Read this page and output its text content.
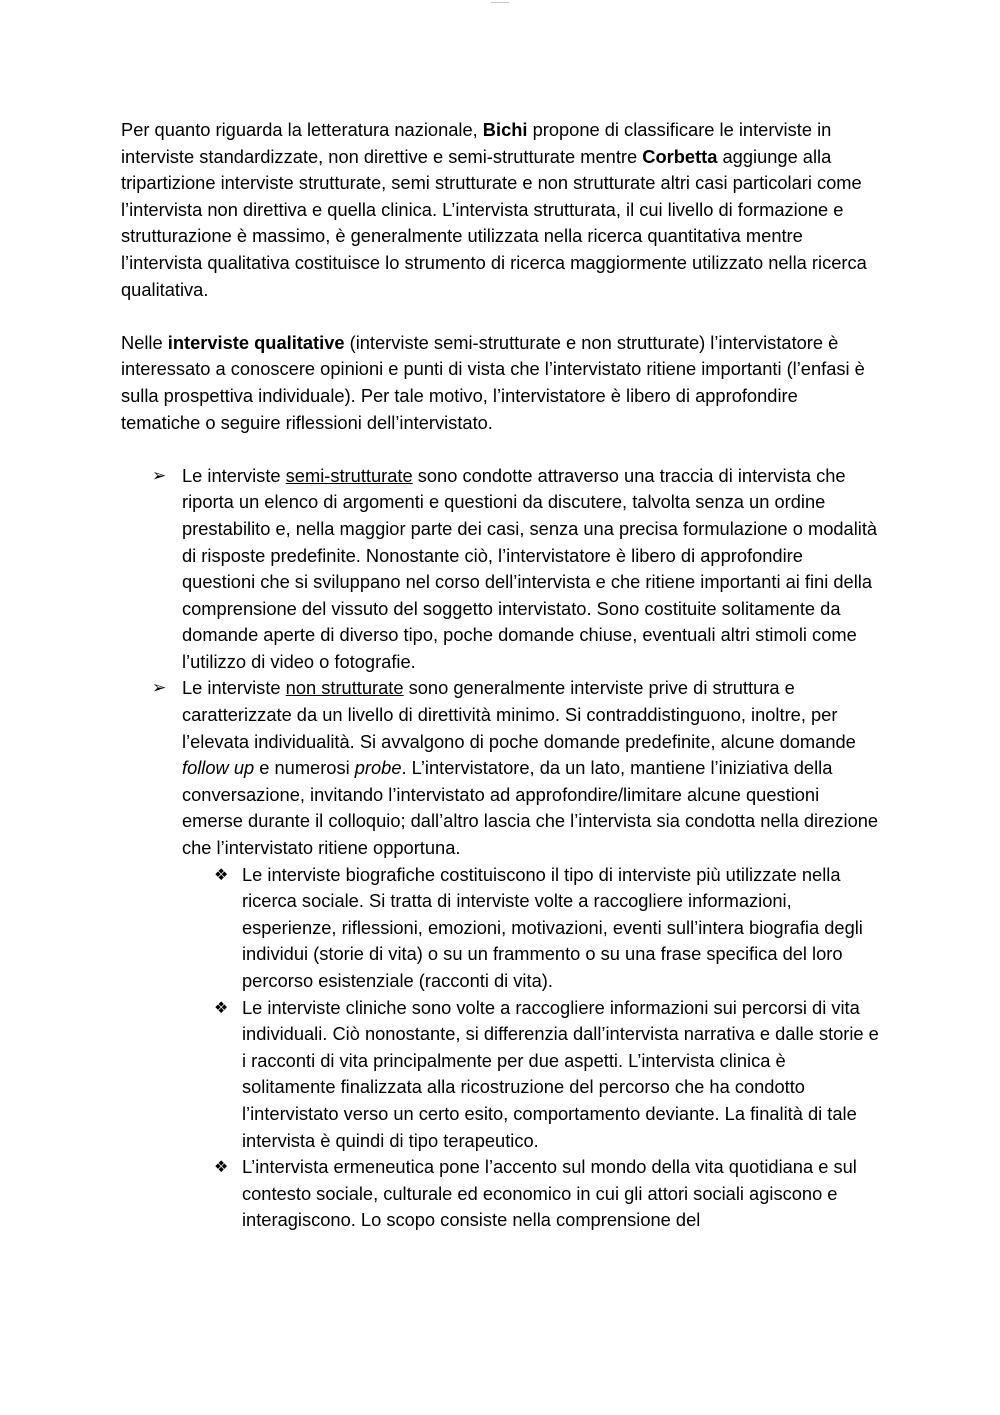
Per quanto riguarda la letteratura nazionale, Bichi propone di classificare le interviste in interviste standardizzate, non direttive e semi-strutturate mentre Corbetta aggiunge alla tripartizione interviste strutturate, semi strutturate e non strutturate altri casi particolari come l’intervista non direttiva e quella clinica. L’intervista strutturata, il cui livello di formazione e strutturazione è massimo, è generalmente utilizzata nella ricerca quantitativa mentre l’intervista qualitativa costituisce lo strumento di ricerca maggiormente utilizzato nella ricerca qualitativa.

Nelle interviste qualitative (interviste semi-strutturate e non strutturate) l’intervistatore è interessato a conoscere opinioni e punti di vista che l’intervistato ritiene importanti (l’enfasi è sulla prospettiva individuale). Per tale motivo, l’intervistatore è libero di approfondire tematiche o seguire riflessioni dell’intervistato.

➢ Le interviste semi-strutturate sono condotte attraverso una traccia di intervista che riporta un elenco di argomenti e questioni da discutere, talvolta senza un ordine prestabilito e, nella maggior parte dei casi, senza una precisa formulazione o modalità di risposte predefinite. Nonostante ciò, l’intervistatore è libero di approfondire questioni che si sviluppano nel corso dell’intervista e che ritiene importanti ai fini della comprensione del vissuto del soggetto intervistato. Sono costituite solitamente da domande aperte di diverso tipo, poche domande chiuse, eventuali altri stimoli come l’utilizzo di video o fotografie.
➢ Le interviste non strutturate sono generalmente interviste prive di struttura e caratterizzate da un livello di direttività minimo. Si contraddistinguono, inoltre, per l’elevata individualità. Si avvalgono di poche domande predefinite, alcune domande follow up e numerosi probe. L’intervistatore, da un lato, mantiene l’iniziativa della conversazione, invitando l’intervistato ad approfondire/limitare alcune questioni emerse durante il colloquio; dall’altro lascia che l’intervista sia condotta nella direzione che l’intervistato ritiene opportuna.
❖ Le interviste biografiche costituiscono il tipo di interviste più utilizzate nella ricerca sociale. Si tratta di interviste volte a raccogliere informazioni, esperienze, riflessioni, emozioni, motivazioni, eventi sull’intera biografia degli individui (storie di vita) o su un frammento o su una frase specifica del loro percorso esistenziale (racconti di vita).
❖ Le interviste cliniche sono volte a raccogliere informazioni sui percorsi di vita individuali. Ciò nonostante, si differenzia dall’intervista narrativa e dalle storie e i racconti di vita principalmente per due aspetti. L’intervista clinica è solitamente finalizzata alla ricostruzione del percorso che ha condotto l’intervistato verso un certo esito, comportamento deviante. La finalità di tale intervista è quindi di tipo terapeutico.
❖ L’intervista ermeneutica pone l’accento sul mondo della vita quotidiana e sul contesto sociale, culturale ed economico in cui gli attori sociali agiscono e interagiscono. Lo scopo consiste nella comprensione del
